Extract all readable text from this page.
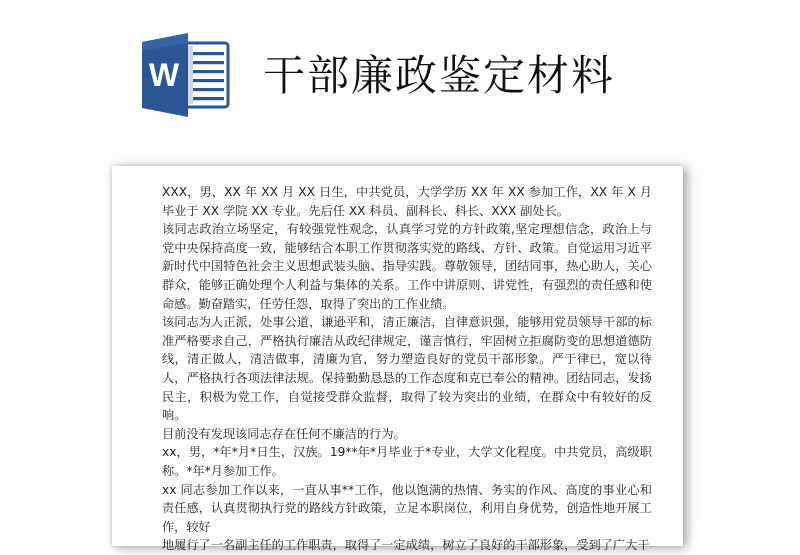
W 干部廉政鉴定材料

XXX，男，XX 年 XX 月 XX 日生，中共党员，大学学历 XX 年 XX 参加工作，XX 年 X 月毕业于 XX 学院 XX 专业。先后任 XX 科员、副科长、科长、XXX 副处长。

该同志政治立场坚定，有较强党性观念，认真学习党的方针政策,坚定理想信念，政治上与党中央保持高度一致，能够结合本职工作贯彻落实党的路线、方针、政策。自觉运用习近平新时代中国特色社会主义思想武装头脑、指导实践。尊敬领导，团结同事，热心助人，关心群众，能够正确处理个人利益与集体的关系。工作中讲原则、讲党性，有强烈的责任感和使命感。勤奋踏实，任劳任怨，取得了突出的工作业绩。

该同志为人正派，处事公道，谦逊平和，清正廉洁，自律意识强，能够用党员领导干部的标准严格要求自己，严格执行廉洁从政纪律规定，谨言慎行，牢固树立拒腐防变的思想道德防线，清正做人，清洁做事，清廉为官，努力塑造良好的党员干部形象。严于律已，宽以待人，严格执行各项法律法规。保持勤勤恳恳的工作态度和克已奉公的精神。团结同志，发扬民主，积极为党工作，自觉接受群众监督，取得了较为突出的业绩，在群众中有较好的反响。

目前没有发现该同志存在任何不廉洁的行为。

xx，男，*年*月*日生，汉族。19**年*月毕业于*专业，大学文化程度。中共党员，高级职称。*年*月参加工作。

xx 同志参加工作以来，一直从事**工作，他以饱满的热情、务实的作风、高度的事业心和责任感，认真贯彻执行党的路线方针政策，立足本职岗位，利用自身优势，创造性地开展工作，较好

地履行了一名副主任的工作职责，取得了一定成绩，树立了良好的干部形象，受到了广大干
